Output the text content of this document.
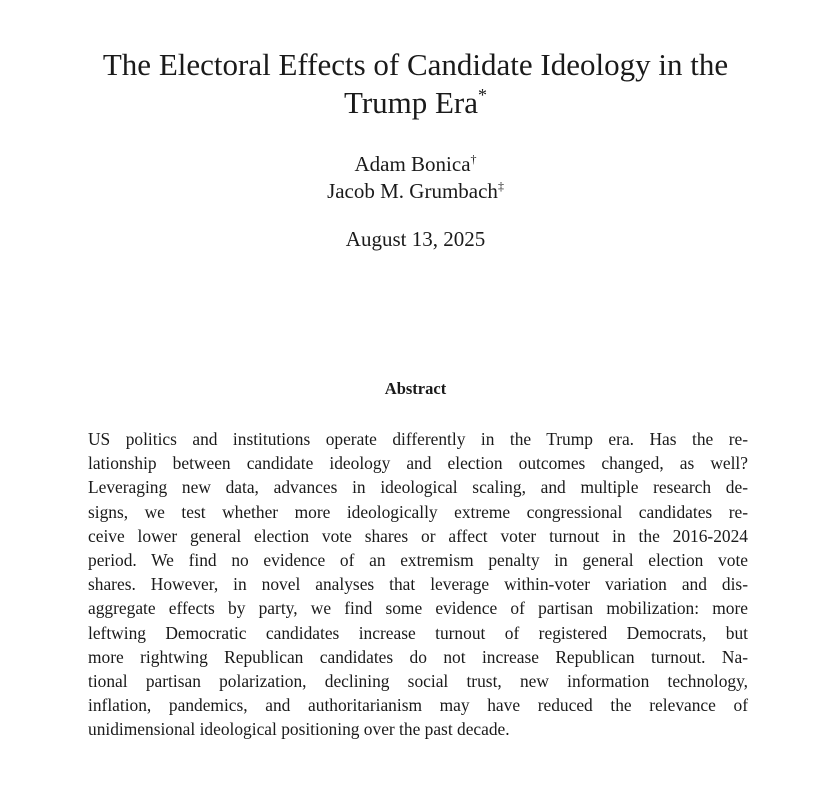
The Electoral Effects of Candidate Ideology in the
Trump Era*
Adam Bonica†
Jacob M. Grumbach‡
August 13, 2025
Abstract
US politics and institutions operate differently in the Trump era. Has the re-
lationship between candidate ideology and election outcomes changed, as well?
Leveraging new data, advances in ideological scaling, and multiple research de-
signs, we test whether more ideologically extreme congressional candidates re-
ceive lower general election vote shares or affect voter turnout in the 2016-2024
period. We find no evidence of an extremism penalty in general election vote
shares. However, in novel analyses that leverage within-voter variation and dis-
aggregate effects by party, we find some evidence of partisan mobilization: more
leftwing Democratic candidates increase turnout of registered Democrats, but
more rightwing Republican candidates do not increase Republican turnout. Na-
tional partisan polarization, declining social trust, new information technology,
inflation, pandemics, and authoritarianism may have reduced the relevance of
unidimensional ideological positioning over the past decade.
